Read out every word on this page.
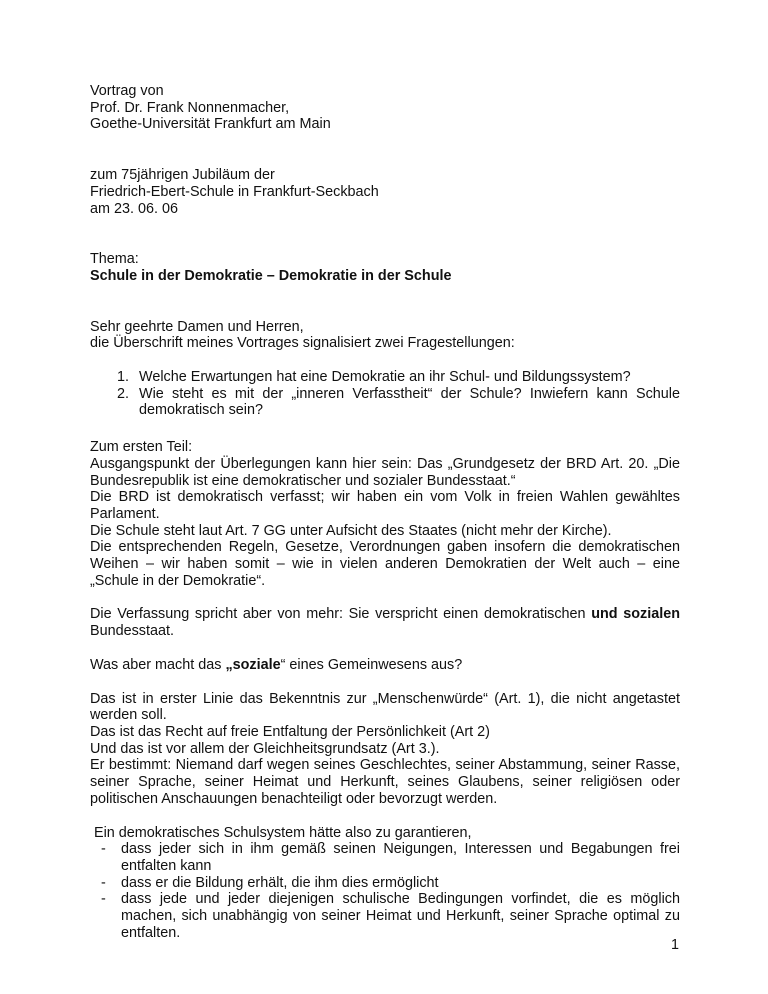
Vortrag von

Prof. Dr. Frank Nonnenmacher,

Goethe-Universität Frankfurt am Main

zum 75jährigen Jubiläum der

Friedrich-Ebert-Schule in Frankfurt-Seckbach

am 23. 06. 06

Thema:

Schule in der Demokratie – Demokratie in der Schule

Sehr geehrte Damen und Herren,

die Überschrift meines Vortrages signalisiert zwei Fragestellungen:

1. Welche Erwartungen hat eine Demokratie an ihr Schul- und Bildungssystem?
2. Wie steht es mit der „inneren Verfasstheit“ der Schule? Inwiefern kann Schule demokratisch sein?

Zum ersten Teil:

Ausgangspunkt der Überlegungen kann hier sein: Das „Grundgesetz der BRD Art. 20. „Die Bundesrepublik ist eine demokratischer und sozialer Bundesstaat.“

Die BRD ist demokratisch verfasst; wir haben ein vom Volk in freien Wahlen gewähltes Parlament.

Die Schule steht laut Art. 7 GG unter Aufsicht des Staates (nicht mehr der Kirche).

Die entsprechenden Regeln, Gesetze, Verordnungen gaben insofern die demokratischen Weihen – wir haben somit – wie in vielen anderen Demokratien der Welt auch – eine „Schule in der Demokratie“.

Die Verfassung spricht aber von mehr: Sie verspricht einen demokratischen und sozialen Bundesstaat.

Was aber macht das „soziale“ eines Gemeinwesens aus?

Das ist in erster Linie das Bekenntnis zur „Menschenwürde“ (Art. 1), die nicht angetastet werden soll.

Das ist das Recht auf freie Entfaltung der Persönlichkeit (Art 2)

Und das ist vor allem der Gleichheitsgrundsatz (Art 3.).

Er bestimmt: Niemand darf wegen seines Geschlechtes, seiner Abstammung, seiner Rasse, seiner Sprache, seiner Heimat und Herkunft, seines Glaubens, seiner religiösen oder politischen Anschauungen benachteiligt oder bevorzugt werden.

Ein demokratisches Schulsystem hätte also zu garantieren,

- dass jeder sich in ihm gemäß seinen Neigungen, Interessen und Begabungen frei entfalten kann
- dass er die Bildung erhält, die ihm dies ermöglicht
- dass jede und jeder diejenigen schulische Bedingungen vorfindet, die es möglich machen, sich unabhängig von seiner Heimat und Herkunft, seiner Sprache optimal zu entfalten.
1
